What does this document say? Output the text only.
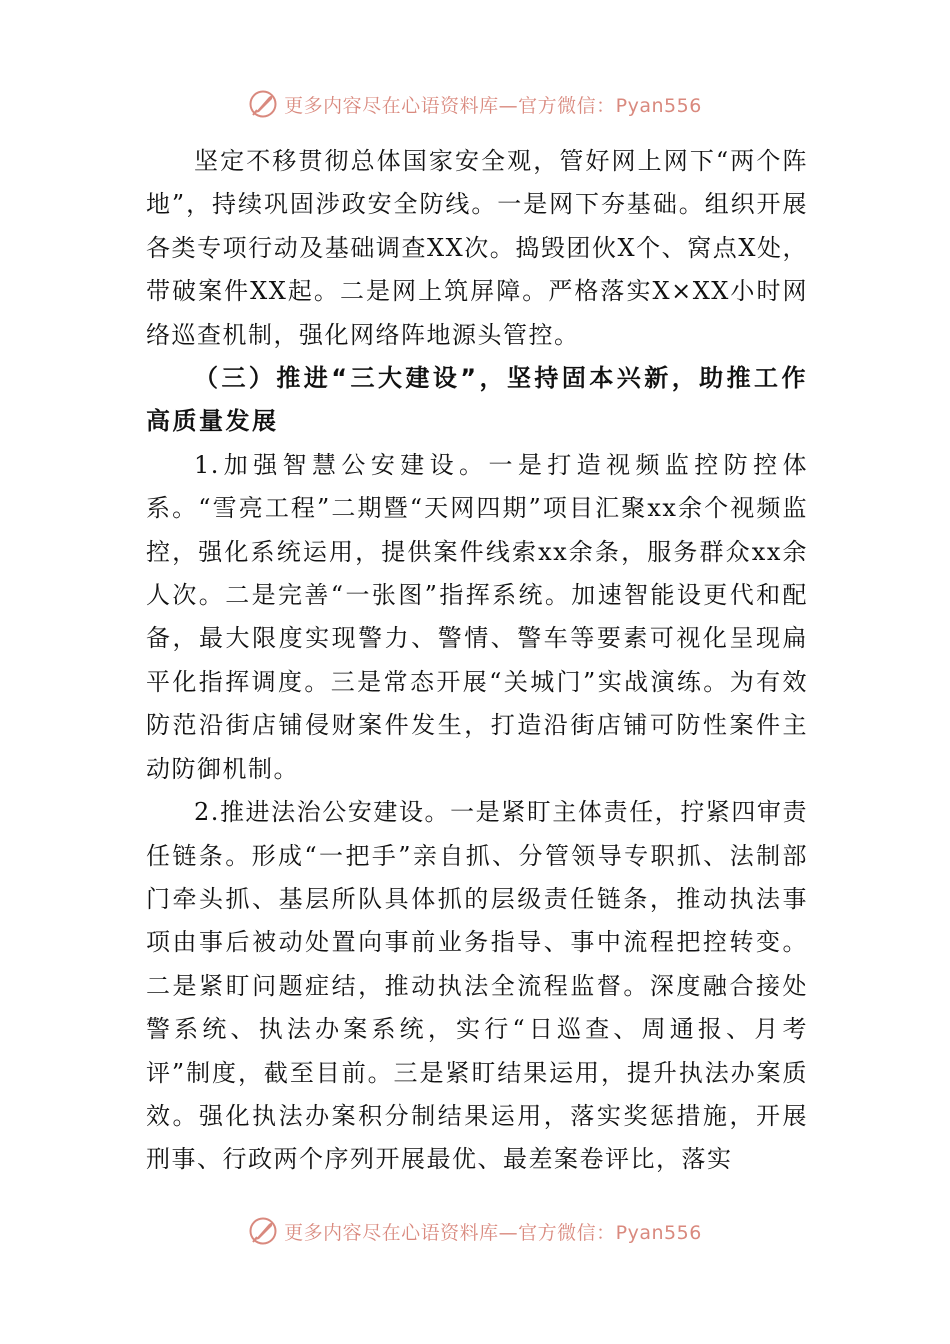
更多内容尽在心语资料库—官方微信：Pyan556

坚定不移贯彻总体国家安全观，管好网上网下“两个阵地”，持续巩固涉政安全防线。一是网下夯基础。组织开展各类专项行动及基础调查XX次。捣毁团伙X个、窝点X处，带破案件XX起。二是网上筑屏障。严格落实X×XX小时网络巡查机制，强化网络阵地源头管控。

（三）推进“三大建设”，坚持固本兴新，助推工作高质量发展

1.加强智慧公安建设。一是打造视频监控防控体系。“雪亮工程”二期暨“天网四期”项目汇聚xx余个视频监控，强化系统运用，提供案件线索xx余条，服务群众xx余人次。二是完善“一张图”指挥系统。加速智能设更代和配备，最大限度实现警力、警情、警车等要素可视化呈现扁平化指挥调度。三是常态开展“关城门”实战演练。为有效防范沿街店铺侵财案件发生，打造沿街店铺可防性案件主动防御机制。

2.推进法治公安建设。一是紧盯主体责任，拧紧四审责任链条。形成“一把手”亲自抓、分管领导专职抓、法制部门牵头抓、基层所队具体抓的层级责任链条，推动执法事项由事后被动处置向事前业务指导、事中流程把控转变。二是紧盯问题症结，推动执法全流程监督。深度融合接处警系统、执法办案系统，实行“日巡查、周通报、月考评”制度，截至目前。三是紧盯结果运用，提升执法办案质效。强化执法办案积分制结果运用，落实奖惩措施，开展刑事、行政两个序列开展最优、最差案卷评比，落实

更多内容尽在心语资料库—官方微信：Pyan556
